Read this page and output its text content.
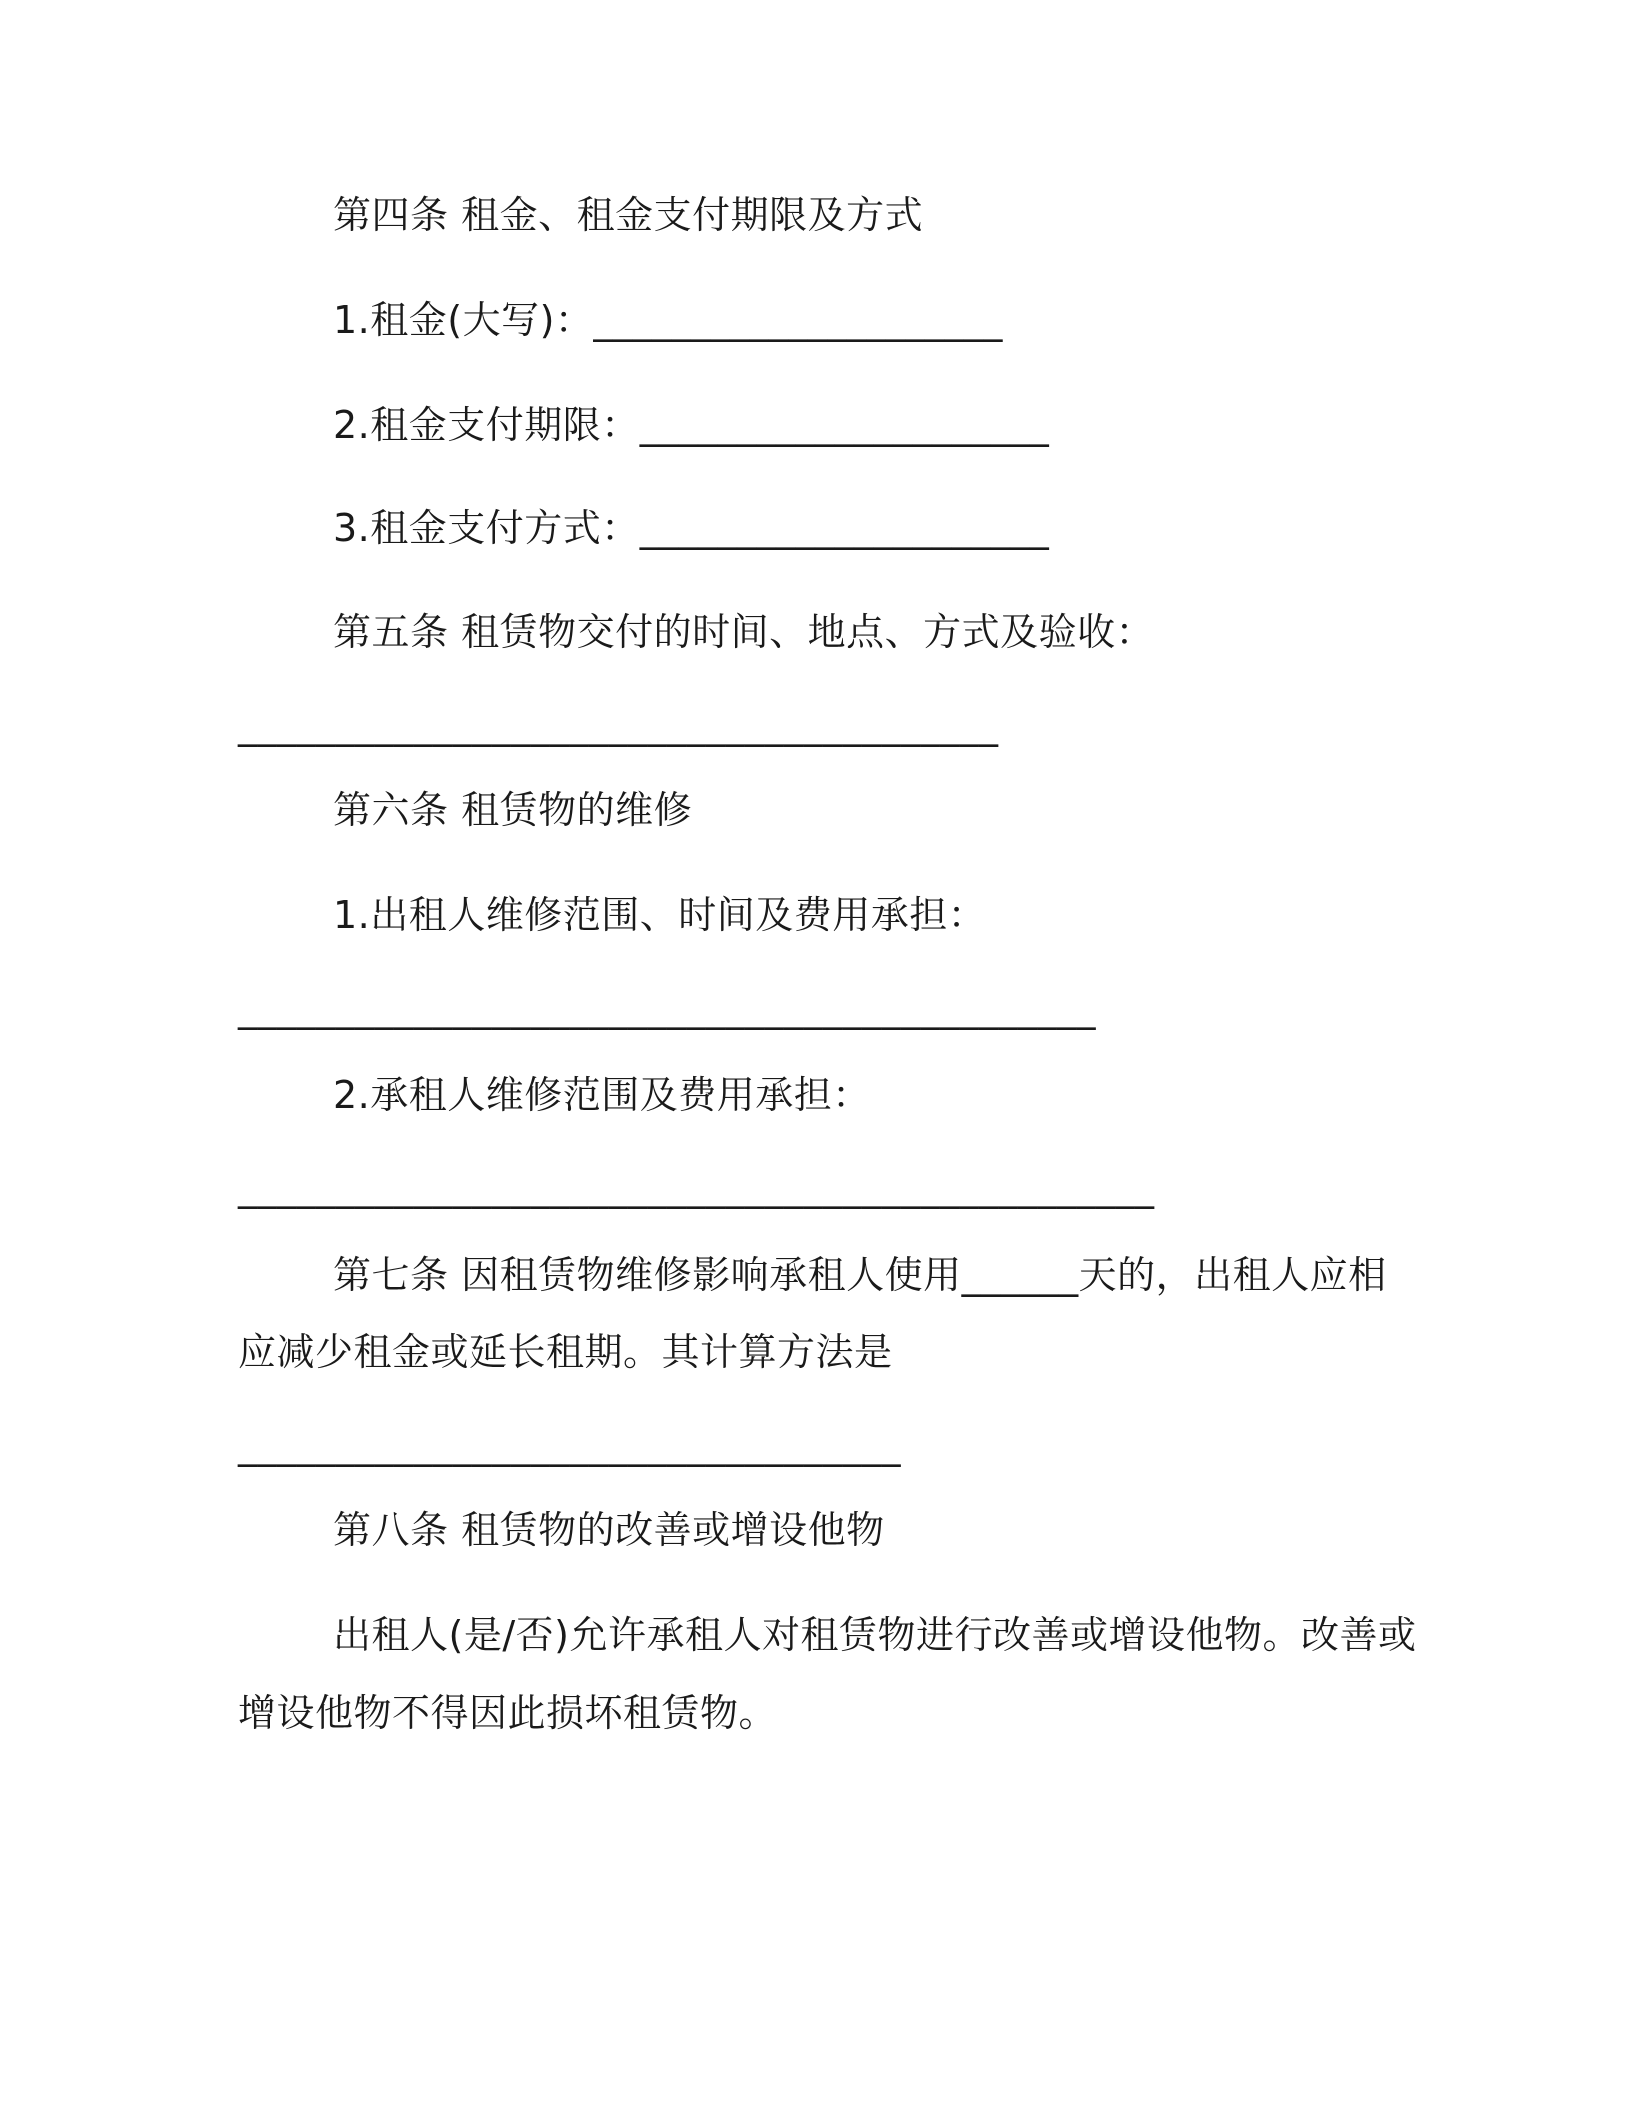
第四条 租金、租金支付期限及方式
1.租金(大写)：_____________________
2.租金支付期限：_____________________
3.租金支付方式：_____________________
第五条 租赁物交付的时间、地点、方式及验收：
_______________________________________
第六条 租赁物的维修
1.出租人维修范围、时间及费用承担：
____________________________________________
2.承租人维修范围及费用承担：
_______________________________________________
第七条 因租赁物维修影响承租人使用______天的，出租人应相
应减少租金或延长租期。其计算方法是
__________________________________
第八条 租赁物的改善或增设他物
出租人(是/否)允许承租人对租赁物进行改善或增设他物。改善或
增设他物不得因此损坏租赁物。
